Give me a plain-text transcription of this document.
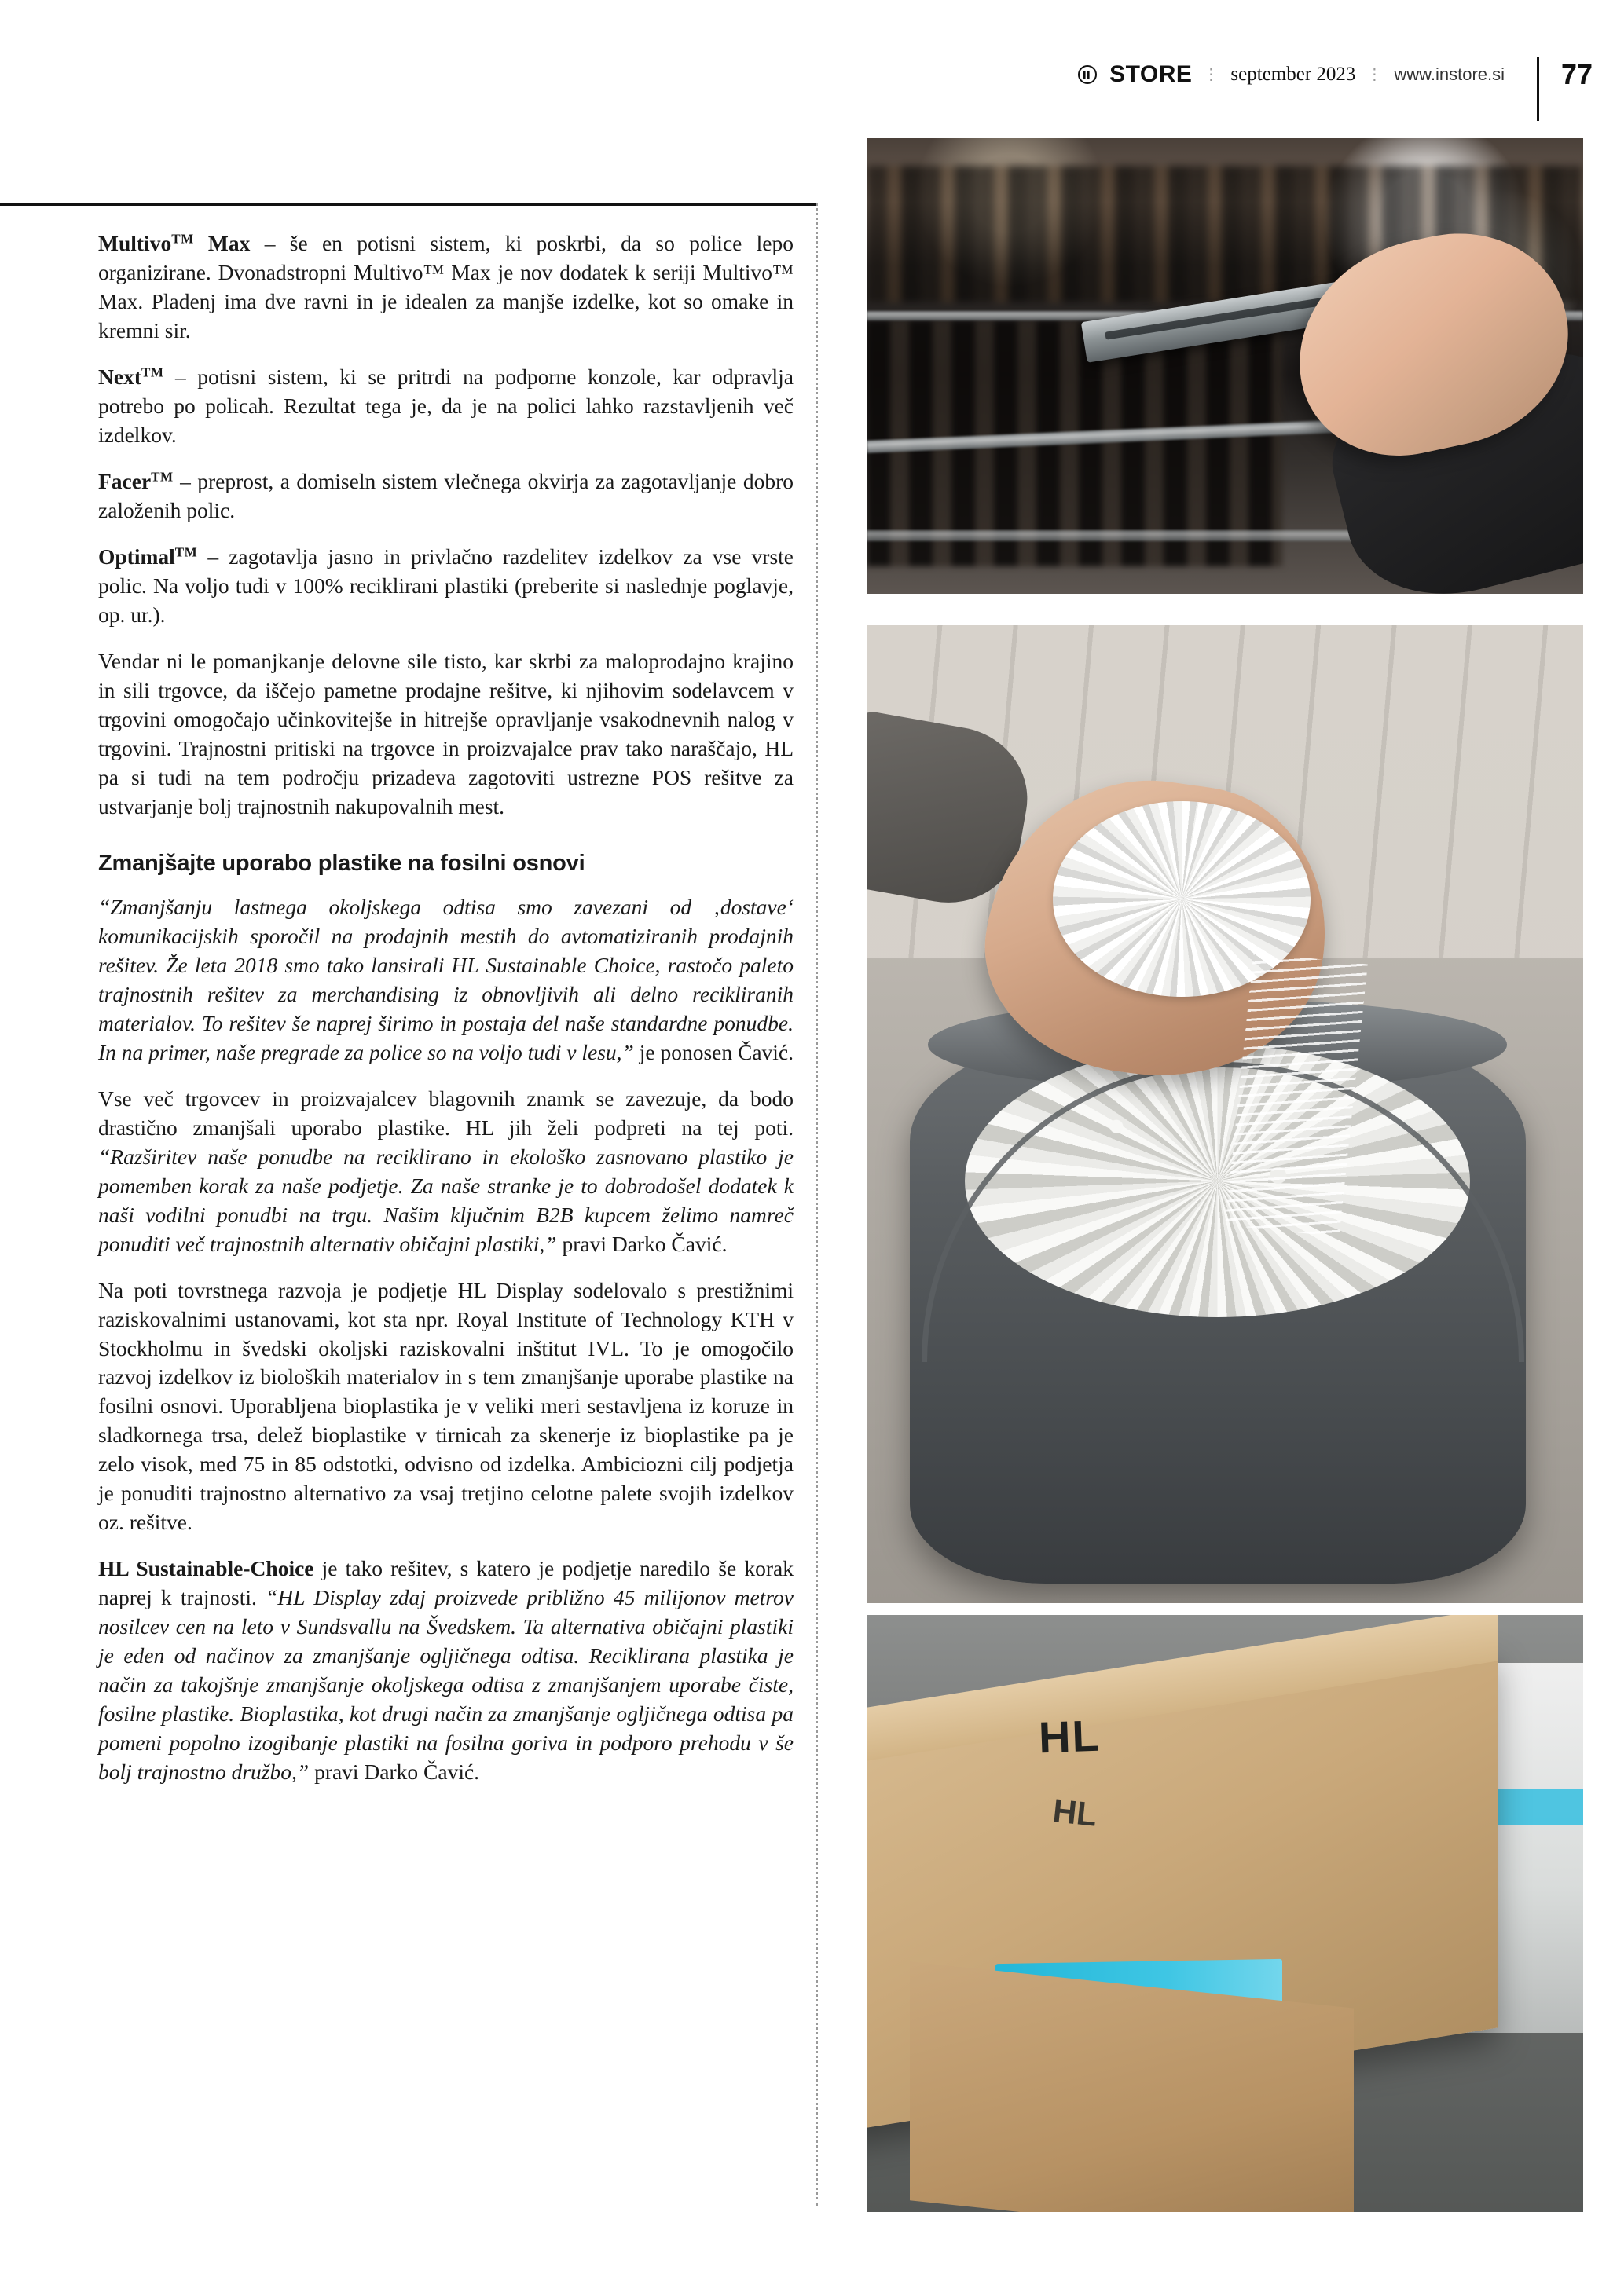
STORE ⋮ september 2023 ⋮ www.instore.si 77

Multivo™ Max – še en potisni sistem, ki poskrbi, da so police lepo organizirane. Dvonadstropni Multivo™ Max je nov dodatek k seriji Multivo™ Max. Pladenj ima dve ravni in je idealen za manjše izdelke, kot so omake in kremni sir.

Next™ – potisni sistem, ki se pritrdi na podporne konzole, kar odpravlja potrebo po policah. Rezultat tega je, da je na polici lahko razstavljenih več izdelkov.

Facer™ – preprost, a domiseln sistem vlečnega okvirja za zagotavljanje dobro založenih polic.

Optimal™ – zagotavlja jasno in privlačno razdelitev izdelkov za vse vrste polic. Na voljo tudi v 100% reciklirani plastiki (preberite si naslednje poglavje, op. ur.).

Vendar ni le pomanjkanje delovne sile tisto, kar skrbi za maloprodajno krajino in sili trgovce, da iščejo pametne prodajne rešitve, ki njihovim sodelavcem v trgovini omogočajo učinkovitejše in hitrejše opravljanje vsakodnevnih nalog v trgovini. Trajnostni pritiski na trgovce in proizvajalce prav tako naraščajo, HL pa si tudi na tem področju prizadeva zagotoviti ustrezne POS rešitve za ustvarjanje bolj trajnostnih nakupovalnih mest.

Zmanjšajte uporabo plastike na fosilni osnovi

“Zmanjšanju lastnega okoljskega odtisa smo zavezani od ‚dostave‘ komunikacijskih sporočil na prodajnih mestih do avtomatiziranih prodajnih rešitev. Že leta 2018 smo tako lansirali HL Sustainable Choice, rastočo paleto trajnostnih rešitev za merchandising iz obnovljivih ali delno recikliranih materialov. To rešitev še naprej širimo in postaja del naše standardne ponudbe. In na primer, naše pregrade za police so na voljo tudi v lesu,” je ponosen Čavić.

Vse več trgovcev in proizvajalcev blagovnih znamk se zavezuje, da bodo drastično zmanjšali uporabo plastike. HL jih želi podpreti na tej poti. “Razširitev naše ponudbe na reciklirano in ekološko zasnovano plastiko je pomemben korak za naše podjetje. Za naše stranke je to dobrodošel dodatek k naši vodilni ponudbi na trgu. Našim ključnim B2B kupcem želimo namreč ponuditi več trajnostnih alternativ običajni plastiki,” pravi Darko Čavić.

Na poti tovrstnega razvoja je podjetje HL Display sodelovalo s prestižnimi raziskovalnimi ustanovami, kot sta npr. Royal Institute of Technology KTH v Stockholmu in švedski okoljski raziskovalni inštitut IVL. To je omogočilo razvoj izdelkov iz bioloških materialov in s tem zmanjšanje uporabe plastike na fosilni osnovi. Uporabljena bioplastika je v veliki meri sestavljena iz koruze in sladkornega trsa, delež bioplastike v tirnicah za skenerje iz bioplastike pa je zelo visok, med 75 in 85 odstotki, odvisno od izdelka. Ambiciozni cilj podjetja je ponuditi trajnostno alternativo za vsaj tretjino celotne palete svojih izdelkov oz. rešitve.

HL Sustainable-Choice je tako rešitev, s katero je podjetje naredilo še korak naprej k trajnosti. “HL Display zdaj proizvede približno 45 milijonov metrov nosilcev cen na leto v Sundsvallu na Švedskem. Ta alternativa običajni plastiki je eden od načinov za zmanjšanje ogljičnega odtisa. Reciklirana plastika je način za takojšnje zmanjšanje okoljskega odtisa z zmanjšanjem uporabe čiste, fosilne plastike. Bioplastika, kot drugi način za zmanjšanje ogljičnega odtisa pa pomeni popolno izogibanje plastiki na fosilna goriva in podporo prehodu v še bolj trajnostno družbo,” pravi Darko Čavić.

HL
HL
